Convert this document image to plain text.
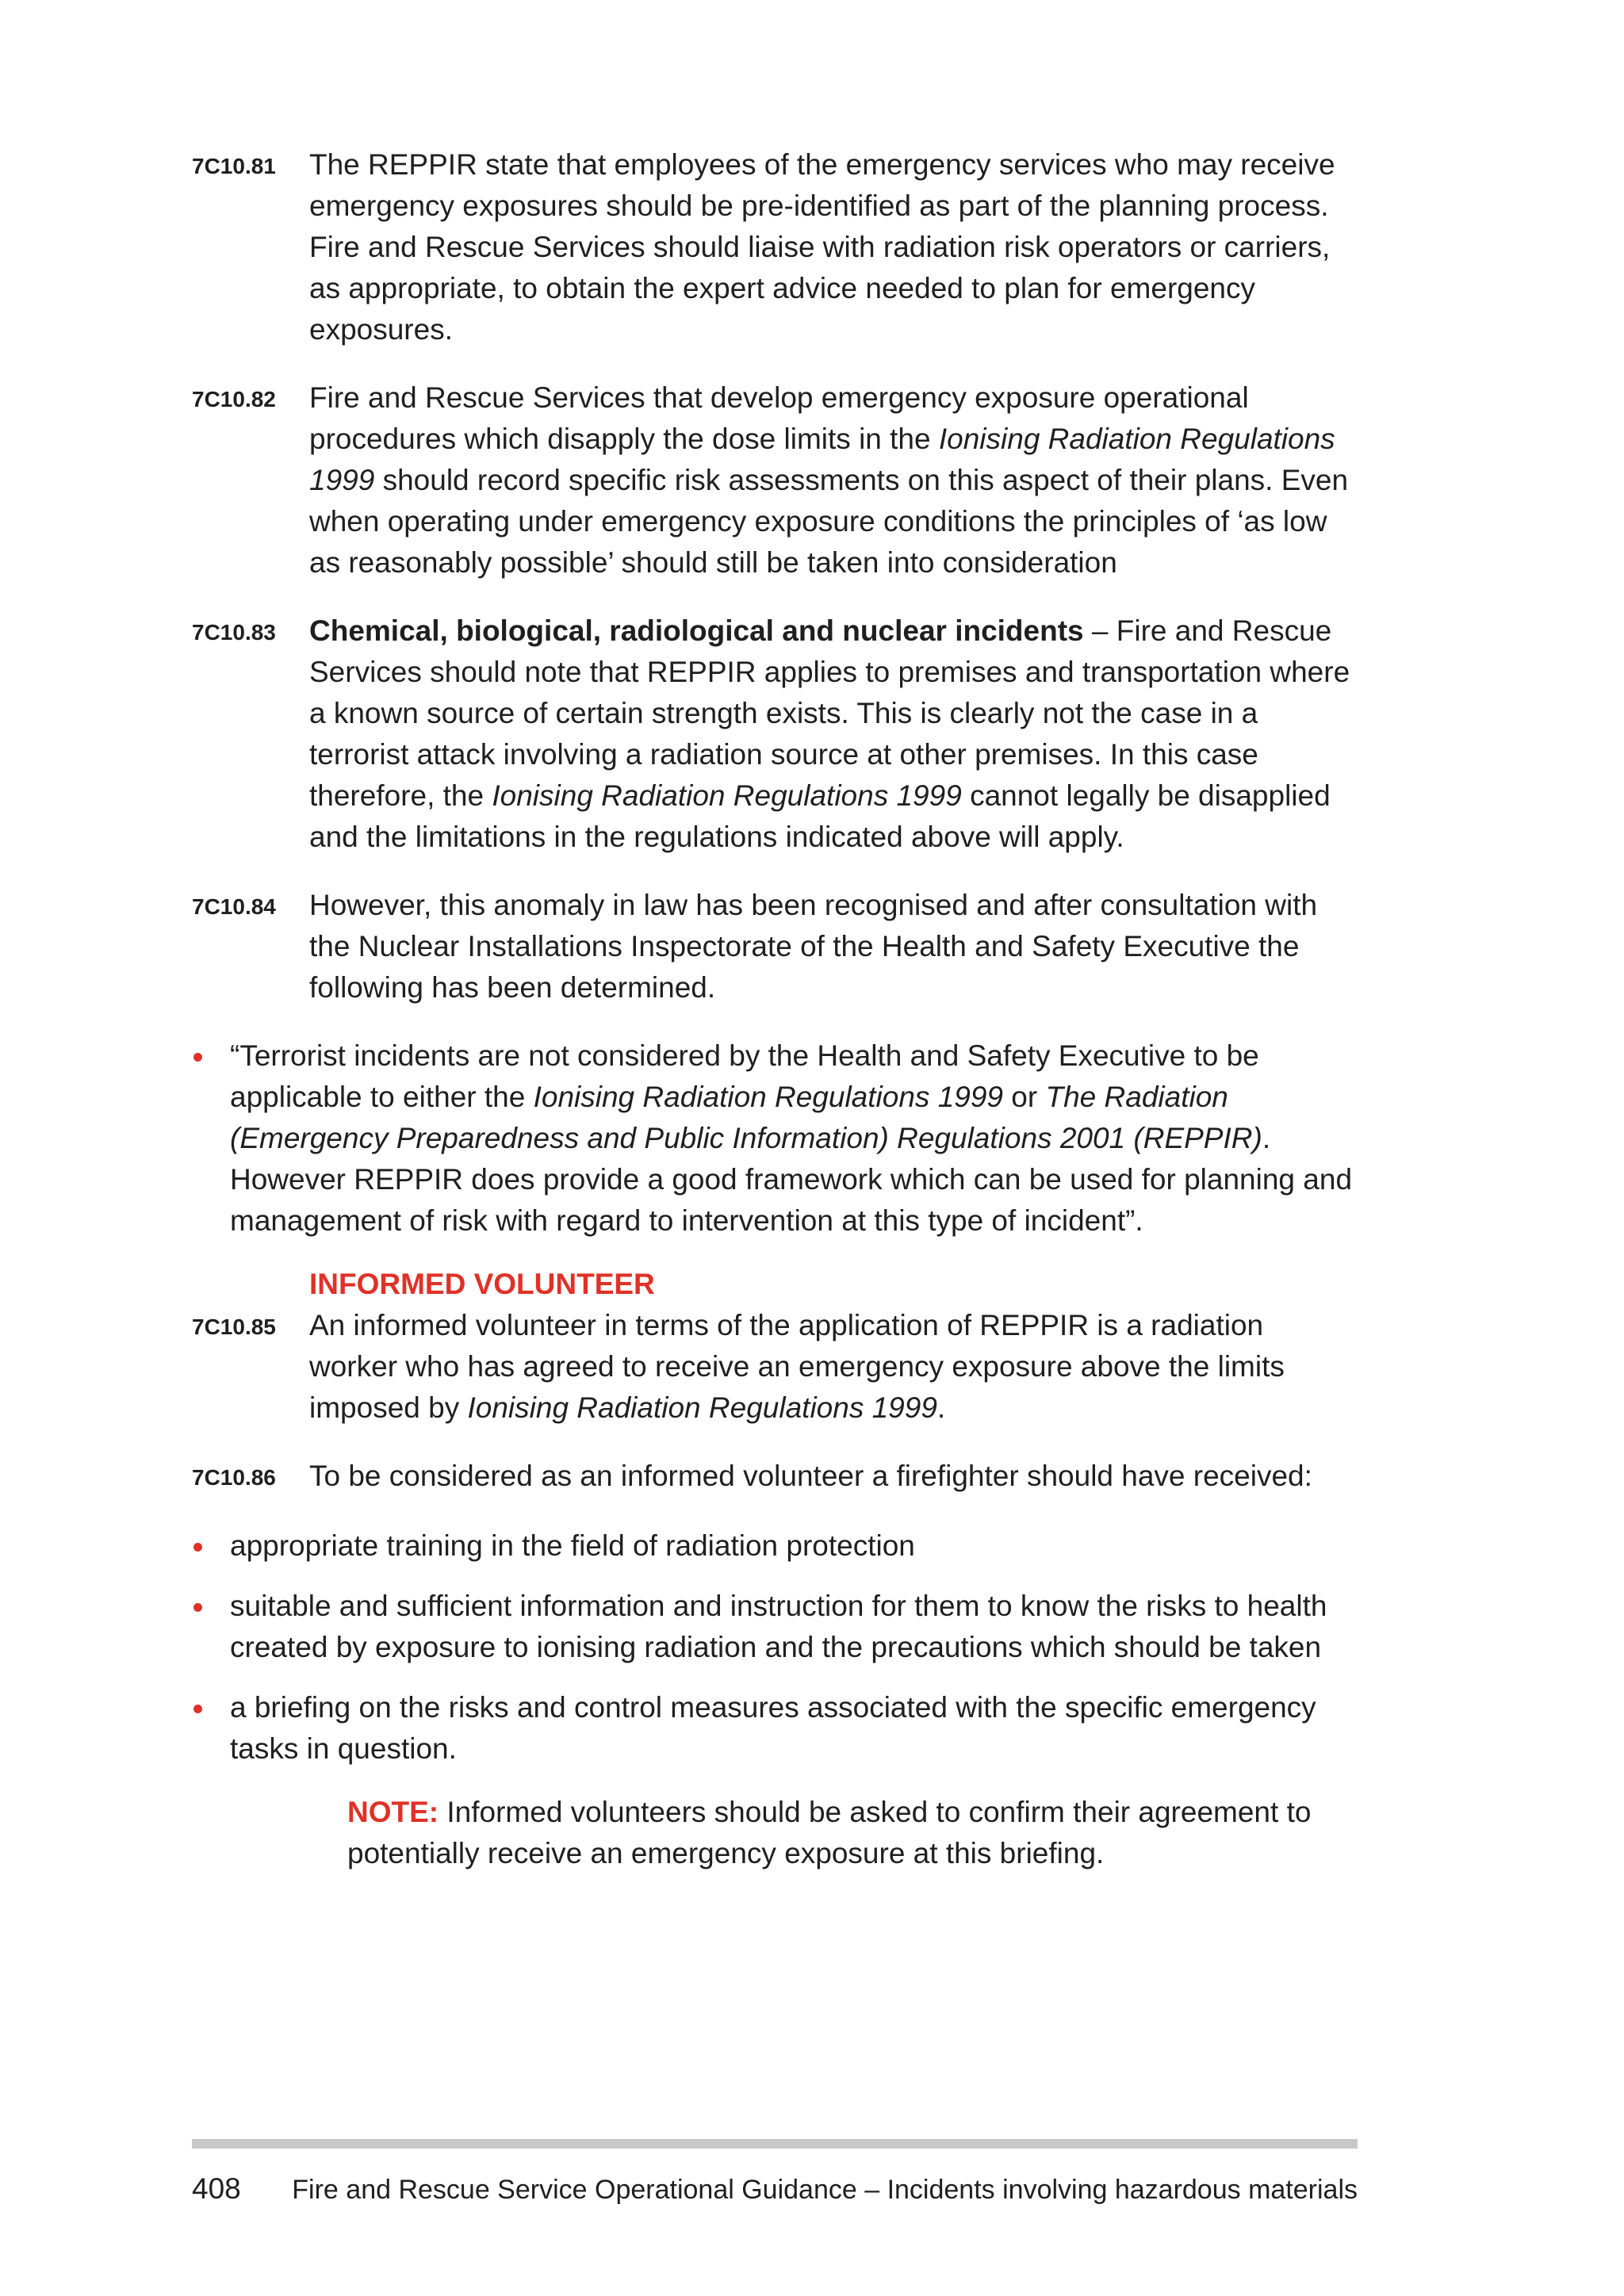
7C10.81	The REPPIR state that employees of the emergency services who may receive emergency exposures should be pre-identified as part of the planning process. Fire and Rescue Services should liaise with radiation risk operators or carriers, as appropriate, to obtain the expert advice needed to plan for emergency exposures.
7C10.82	Fire and Rescue Services that develop emergency exposure operational procedures which disapply the dose limits in the Ionising Radiation Regulations 1999 should record specific risk assessments on this aspect of their plans. Even when operating under emergency exposure conditions the principles of ‘as low as reasonably possible’ should still be taken into consideration
7C10.83	Chemical, biological, radiological and nuclear incidents – Fire and Rescue Services should note that REPPIR applies to premises and transportation where a known source of certain strength exists. This is clearly not the case in a terrorist attack involving a radiation source at other premises. In this case therefore, the Ionising Radiation Regulations 1999 cannot legally be disapplied and the limitations in the regulations indicated above will apply.
7C10.84	However, this anomaly in law has been recognised and after consultation with the Nuclear Installations Inspectorate of the Health and Safety Executive the following has been determined.
“Terrorist incidents are not considered by the Health and Safety Executive to be applicable to either the Ionising Radiation Regulations 1999 or The Radiation (Emergency Preparedness and Public Information) Regulations 2001 (REPPIR). However REPPIR does provide a good framework which can be used for planning and management of risk with regard to intervention at this type of incident”.
INFORMED VOLUNTEER
7C10.85	An informed volunteer in terms of the application of REPPIR is a radiation worker who has agreed to receive an emergency exposure above the limits imposed by Ionising Radiation Regulations 1999.
7C10.86	To be considered as an informed volunteer a firefighter should have received:
appropriate training in the field of radiation protection
suitable and sufficient information and instruction for them to know the risks to health created by exposure to ionising radiation and the precautions which should be taken
a briefing on the risks and control measures associated with the specific emergency tasks in question.
NOTE: Informed volunteers should be asked to confirm their agreement to potentially receive an emergency exposure at this briefing.
408 Fire and Rescue Service Operational Guidance – Incidents involving hazardous materials
